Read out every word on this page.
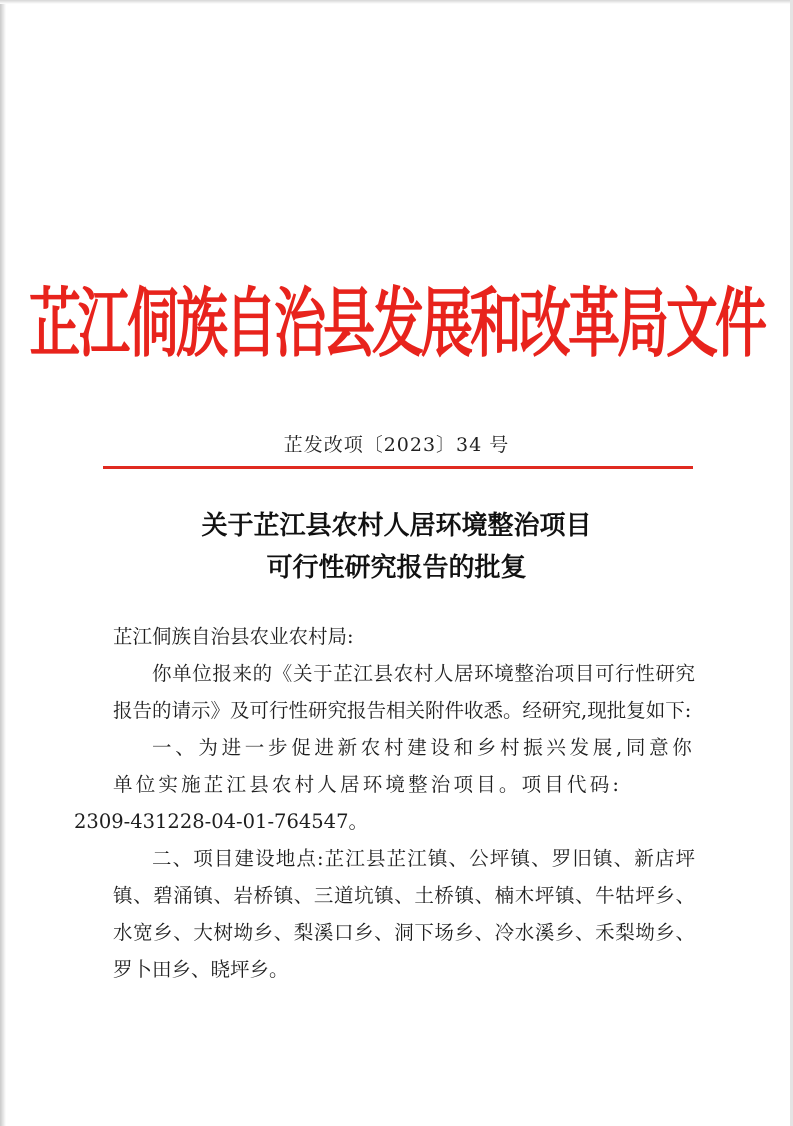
芷江侗族自治县发展和改革局文件
芷发改项〔2023〕34 号
关于芷江县农村人居环境整治项目
可行性研究报告的批复

芷江侗族自治县农业农村局:

你单位报来的《关于芷江县农村人居环境整治项目可行性研究报告的请示》及可行性研究报告相关附件收悉。经研究,现批复如下:

一、为进一步促进新农村建设和乡村振兴发展,同意你单位实施芷江县农村人居环境整治项目。项目代码:
2309-431228-04-01-764547。

二、项目建设地点:芷江县芷江镇、公坪镇、罗旧镇、新店坪镇、碧涌镇、岩桥镇、三道坑镇、土桥镇、楠木坪镇、牛牯坪乡、水宽乡、大树坳乡、梨溪口乡、洞下场乡、冷水溪乡、禾梨坳乡、罗卜田乡、晓坪乡。
